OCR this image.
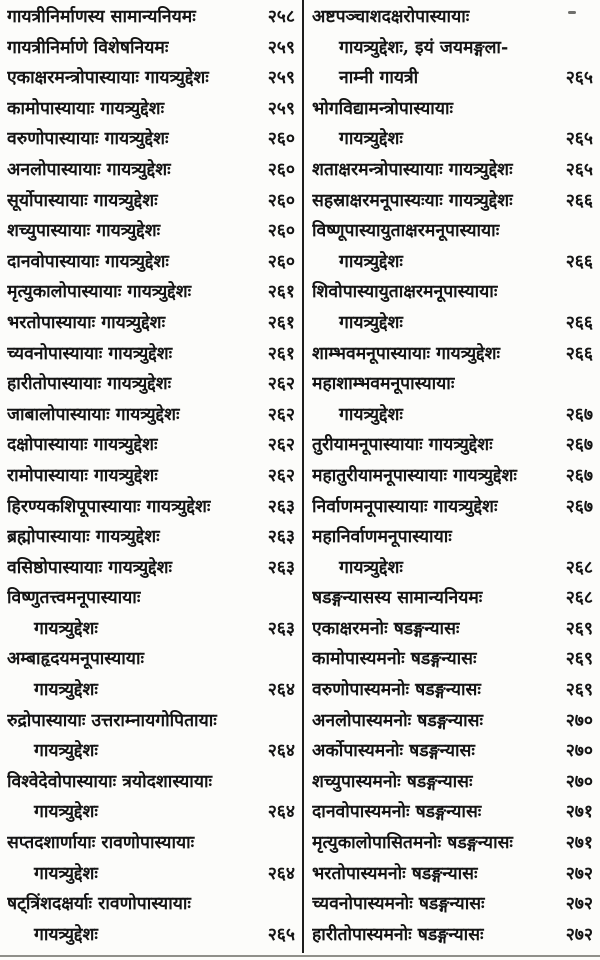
गायत्रीनिर्माणस्य सामान्यनियमः	२५८
गायत्रीनिर्माणे विशेषनियमः	२५९
एकाक्षरमन्त्रोपास्यायाः गायत्र्युद्देशः	२५९
कामोपास्यायाः गायत्र्युद्देशः	२५९
वरुणोपास्यायाः गायत्र्युद्देशः	२६०
अनलोपास्यायाः गायत्र्युद्देशः	२६०
सूर्योपास्यायाः गायत्र्युद्देशः	२६०
शच्युपास्यायाः गायत्र्युद्देशः	२६०
दानवोपास्यायाः गायत्र्युद्देशः	२६०
मृत्युकालोपास्यायाः गायत्र्युद्देशः	२६१
भरतोपास्यायाः गायत्र्युद्देशः	२६१
च्यवनोपास्यायाः गायत्र्युद्देशः	२६१
हारीतोपास्यायाः गायत्र्युद्देशः	२६२
जाबालोपास्यायाः गायत्र्युद्देशः	२६२
दक्षोपास्यायाः गायत्र्युद्देशः	२६२
रामोपास्यायाः गायत्र्युद्देशः	२६२
हिरण्यकशिपूपास्यायाः गायत्र्युद्देशः	२६३
ब्रह्मोपास्यायाः गायत्र्युद्देशः	२६३
वसिष्ठोपास्यायाः गायत्र्युद्देशः	२६३
विष्णुतत्त्वमनूपास्यायाः
गायत्र्युद्देशः	२६३
अम्बाहृदयमनूपास्यायाः
गायत्र्युद्देशः	२६४
रुद्रोपास्यायाः उत्तराम्नायगोपितायाः
गायत्र्युद्देशः	२६४
विश्वेदेवोपास्यायाः त्रयोदशास्यायाः
गायत्र्युद्देशः	२६४
सप्तदशार्णायाः रावणोपास्यायाः
गायत्र्युद्देशः	२६४
षट्त्रिंशदक्षर्याः रावणोपास्यायाः
गायत्र्युद्देशः	२६५
अष्टपञ्चाशदक्षरोपास्यायाः
गायत्र्युद्देशः, इयं जयमङ्गला-
नाम्नी गायत्री	२६५
भोगविद्यामन्त्रोपास्यायाः
गायत्र्युद्देशः	२६५
शताक्षरमन्त्रोपास्यायाः गायत्र्युद्देशः	२६५
सहस्राक्षरमनूपास्यःयाः गायत्र्युद्देशः	२६६
विष्णूपास्यायुताक्षरमनूपास्यायाः
गायत्र्युद्देशः	२६६
शिवोपास्यायुताक्षरमनूपास्यायाः
गायत्र्युद्देशः	२६६
शाम्भवमनूपास्यायाः गायत्र्युद्देशः	२६६
महाशाम्भवमनूपास्यायाः
गायत्र्युद्देशः	२६७
तुरीयामनूपास्यायाः गायत्र्युद्देशः	२६७
महातुरीयामनूपास्यायाः गायत्र्युद्देशः	२६७
निर्वाणमनूपास्यायाः गायत्र्युद्देशः	२६७
महानिर्वाणमनूपास्यायाः
गायत्र्युद्देशः	२६८
षडङ्गन्यासस्य सामान्यनियमः	२६८
एकाक्षरमनोः षडङ्गन्यासः	२६९
कामोपास्यमनोः षडङ्गन्यासः	२६९
वरुणोपास्यमनोः षडङ्गन्यासः	२६९
अनलोपास्यमनोः षडङ्गन्यासः	२७०
अर्कोपास्यमनोः षडङ्गन्यासः	२७०
शच्युपास्यमनोः षडङ्गन्यासः	२७०
दानवोपास्यमनोः षडङ्गन्यासः	२७१
मृत्युकालोपासितमनोः षडङ्गन्यासः	२७१
भरतोपास्यमनोः षडङ्गन्यासः	२७२
च्यवनोपास्यमनोः षडङ्गन्यासः	२७२
हारीतोपास्यमनोः षडङ्गन्यासः	२७२
